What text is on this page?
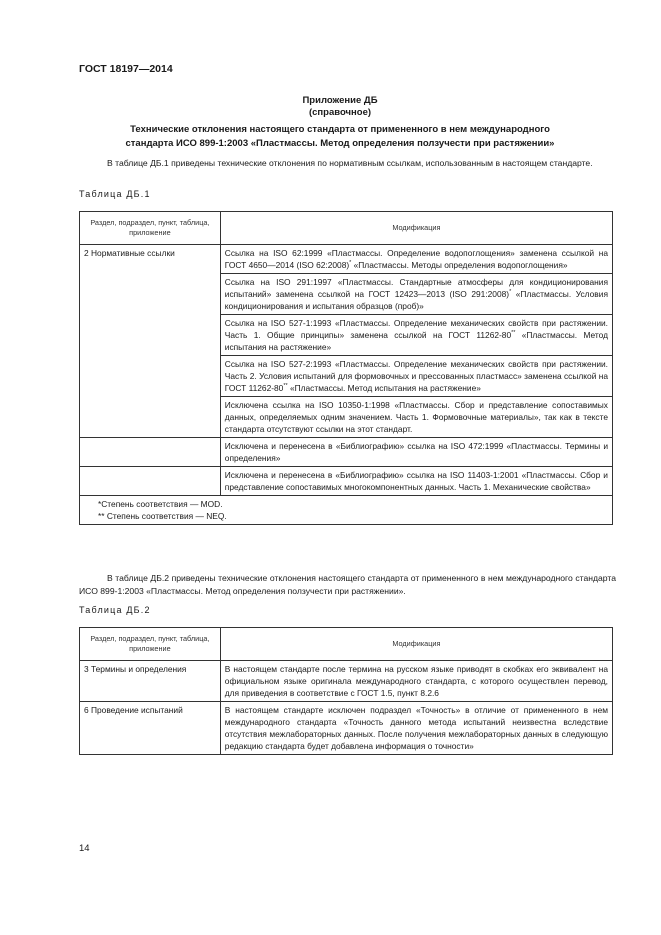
ГОСТ 18197—2014
Приложение ДБ
(справочное)
Технические отклонения настоящего стандарта от примененного в нем международного
стандарта ИСО 899-1:2003 «Пластмассы. Метод определения ползучести при растяжении»
В таблице ДБ.1 приведены технические отклонения по нормативным ссылкам, использованным в настоящем стандарте.
Таблица ДБ.1
Раздел, подраздел, пункт, таблица, приложение	Модификация
2 Нормативные ссылки	Ссылка на ISO 62:1999 «Пластмассы. Определение водопоглощения» заменена ссылкой на ГОСТ 4650—2014 (ISO 62:2008)* «Пластмассы. Методы определения водопоглощения»
	Ссылка на ISO 291:1997 «Пластмассы. Стандартные атмосферы для кондиционирования испытаний» заменена ссылкой на ГОСТ 12423—2013 (ISO 291:2008)* «Пластмассы. Условия кондиционирования и испытания образцов (проб)»
	Ссылка на ISO 527-1:1993 «Пластмассы. Определение механических свойств при растяжении. Часть 1. Общие принципы» заменена ссылкой на ГОСТ 11262-80** «Пластмассы. Метод испытания на растяжение»
	Ссылка на ISO 527-2:1993 «Пластмассы. Определение механических свойств при растяжении. Часть 2. Условия испытаний для формовочных и прессованных пластмасс» заменена ссылкой на ГОСТ 11262-80** «Пластмассы. Метод испытания на растяжение»
	Исключена ссылка на ISO 10350-1:1998 «Пластмассы. Сбор и представление сопоставимых данных, определяемых одним значением. Часть 1. Формовочные материалы», так как в тексте стандарта отсутствуют ссылки на этот стандарт.
	Исключена и перенесена в «Библиографию» ссылка на ISO 472:1999 «Пластмассы. Термины и определения»
	Исключена и перенесена в «Библиографию» ссылка на ISO 11403-1:2001 «Пластмассы. Сбор и представление сопоставимых многокомпонентных данных. Часть 1. Механические свойства»

*Степень соответствия — MOD.
** Степень соответствия — NEQ.	
В таблице ДБ.2 приведены технические отклонения настоящего стандарта от примененного в нем международного стандарта ИСО 899-1:2003 «Пластмассы. Метод определения ползучести при растяжении».
Таблица ДБ.2
Раздел, подраздел, пункт, таблица, приложение	Модификация
3 Термины и определения	В настоящем стандарте после термина на русском языке приводят в скобках его эквивалент на официальном языке оригинала международного стандарта, с которого осуществлен перевод, для приведения в соответствие с ГОСТ 1.5, пункт 8.2.6
6 Проведение испытаний	В настоящем стандарте исключен подраздел «Точность» в отличие от примененного в нем международного стандарта «Точность данного метода испытаний неизвестна вследствие отсутствия межлабораторных данных. После получения межлабораторных данных в следующую редакцию стандарта будет добавлена информация о точности»
14
